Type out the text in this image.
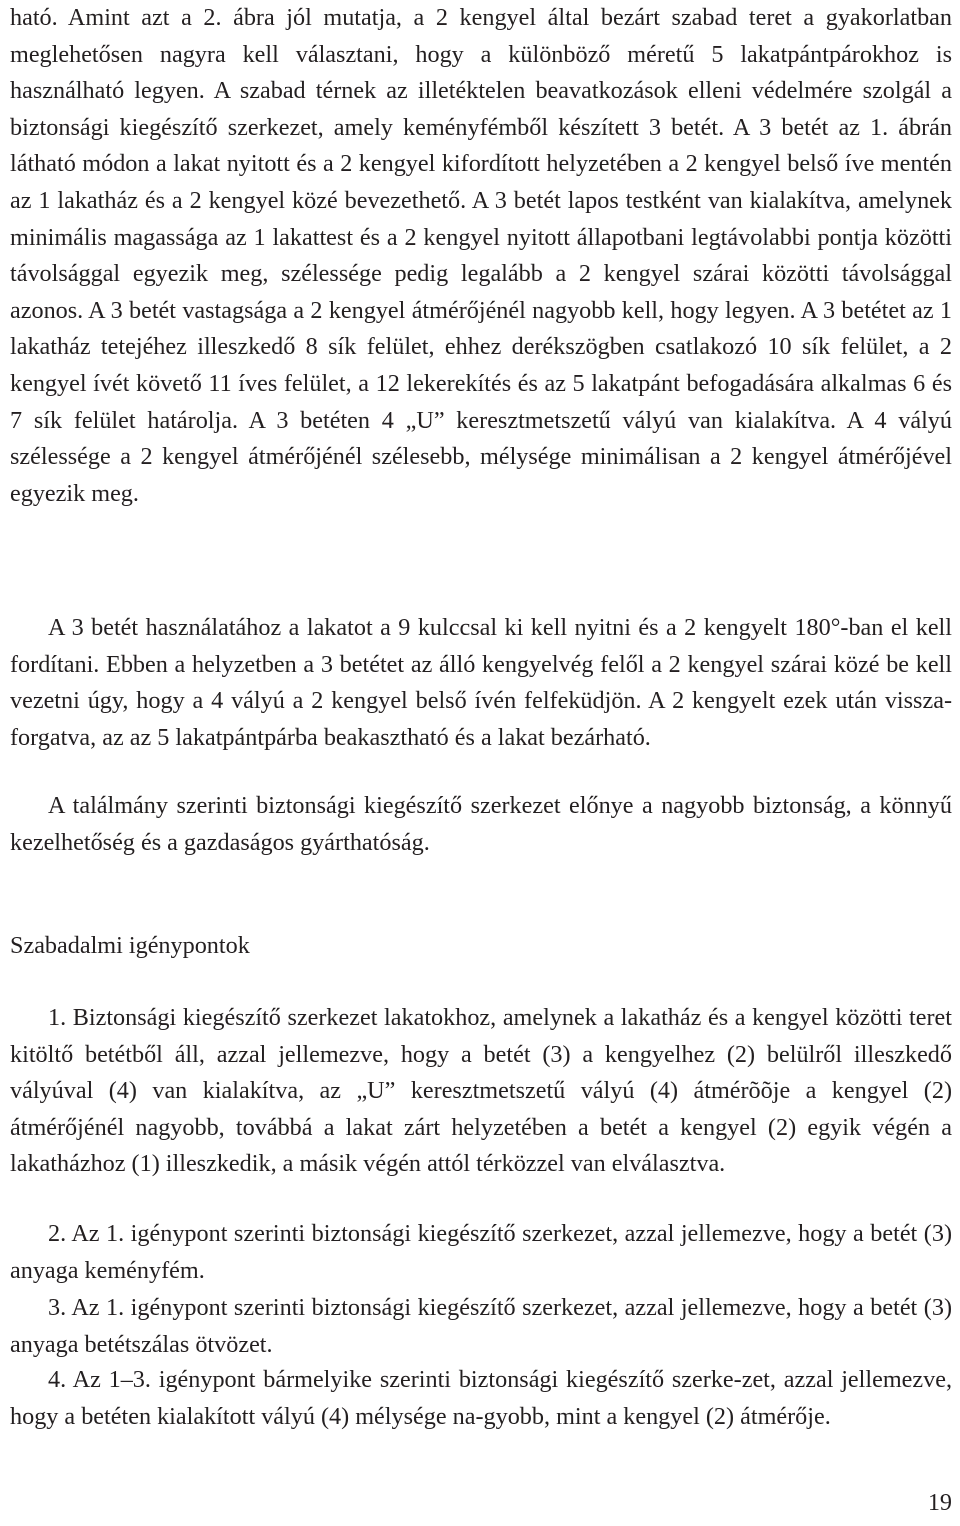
ható. Amint azt a 2. ábra jól mutatja, a 2 kengyel által bezárt szabad teret a gyakorlatban meglehetősen nagyra kell választani, hogy a különböző méretű 5 lakatpántpárokhoz is használható legyen. A szabad térnek az illetéktelen beavatkozások elleni védelmére szolgál a biztonsági kiegészítő szerkezet, amely keményfémből készített 3 betét. A 3 betét az 1. ábrán látható módon a lakat nyitott és a 2 kengyel kifordított helyzetében a 2 kengyel belső íve mentén az 1 lakatház és a 2 kengyel közé bevezethető. A 3 betét lapos testként van kialakítva, amelynek minimális magassága az 1 lakattest és a 2 kengyel nyitott állapotbani legtávolabbi pontja közötti távolsággal egyezik meg, szélessége pedig legalább a 2 kengyel szárai közötti távolsággal azonos. A 3 betét vastagsága a 2 kengyel átmérőjénél nagyobb kell, hogy legyen. A 3 betétet az 1 lakatház tetejéhez illeszkedő 8 sík felület, ehhez derékszögben csatlakozó 10 sík felület, a 2 kengyel ívét követő 11 íves felület, a 12 lekerekítés és az 5 lakatpánt befogadására alkalmas 6 és 7 sík felület határolja. A 3 betéten 4 „U” keresztmetszetű vályú van kialakítva. A 4 vályú szélessége a 2 kengyel átmérőjénél szélesebb, mélysége minimálisan a 2 kengyel átmérőjével egyezik meg.

A 3 betét használatához a lakatot a 9 kulccsal ki kell nyitni és a 2 kengyelt 180°-ban el kell fordítani. Ebben a helyzetben a 3 betétet az álló kengyelvég felől a 2 kengyel szárai közé be kell vezetni úgy, hogy a 4 vályú a 2 kengyel belső ívén felfeküdjön. A 2 kengyelt ezek után vissza-forgatva, az az 5 lakatpántpárba beakasztható és a lakat bezárható.

A találmány szerinti biztonsági kiegészítő szerkezet előnye a nagyobb biztonság, a könnyű kezelhetőség és a gazdaságos gyárthatóság.

Szabadalmi igénypontok

1. Biztonsági kiegészítő szerkezet lakatokhoz, amelynek a lakatház és a kengyel közötti teret kitöltő betétből áll, azzal jellemezve, hogy a betét (3) a kengyelhez (2) belülről illeszkedő vályúval (4) van kialakítva, az „U” keresztmetszetű vályú (4) átmérõõje a kengyel (2) átmérőjénél nagyobb, továbbá a lakat zárt helyzetében a betét a kengyel (2) egyik végén a lakatházhoz (1) illeszkedik, a másik végén attól térközzel van elválasztva.

2. Az 1. igénypont szerinti biztonsági kiegészítő szerkezet, azzal jellemezve, hogy a betét (3) anyaga keményfém.

3. Az 1. igénypont szerinti biztonsági kiegészítő szerkezet, azzal jellemezve, hogy a betét (3) anyaga betétszálas ötvözet.

4. Az 1–3. igénypont bármelyike szerinti biztonsági kiegészítő szerke-zet, azzal jellemezve, hogy a betéten kialakított vályú (4) mélysége na-gyobb, mint a kengyel (2) átmérője.

19
